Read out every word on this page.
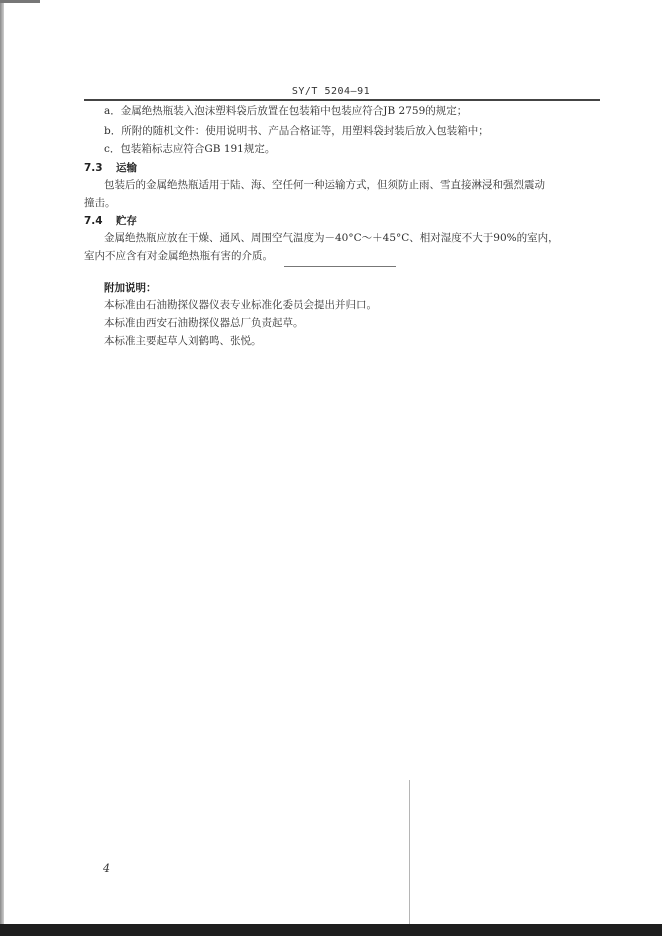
SY/T 5204—91
a．金属绝热瓶装入泡沫塑料袋后放置在包装箱中包装应符合JB 2759的规定；
b．所附的随机文件：使用说明书、产品合格证等，用塑料袋封装后放入包装箱中；
c．包装箱标志应符合GB 191规定。
7.3 运输
包装后的金属绝热瓶适用于陆、海、空任何一种运输方式，但须防止雨、雪直接淋浸和强烈震动
撞击。
7.4 贮存
金属绝热瓶应放在干燥、通风、周围空气温度为－40°C～＋45°C、相对湿度不大于90%的室内，
室内不应含有对金属绝热瓶有害的介质。
附加说明：
本标准由石油勘探仪器仪表专业标准化委员会提出并归口。
本标准由西安石油勘探仪器总厂负责起草。
本标准主要起草人刘鹤鸣、张悦。
4
